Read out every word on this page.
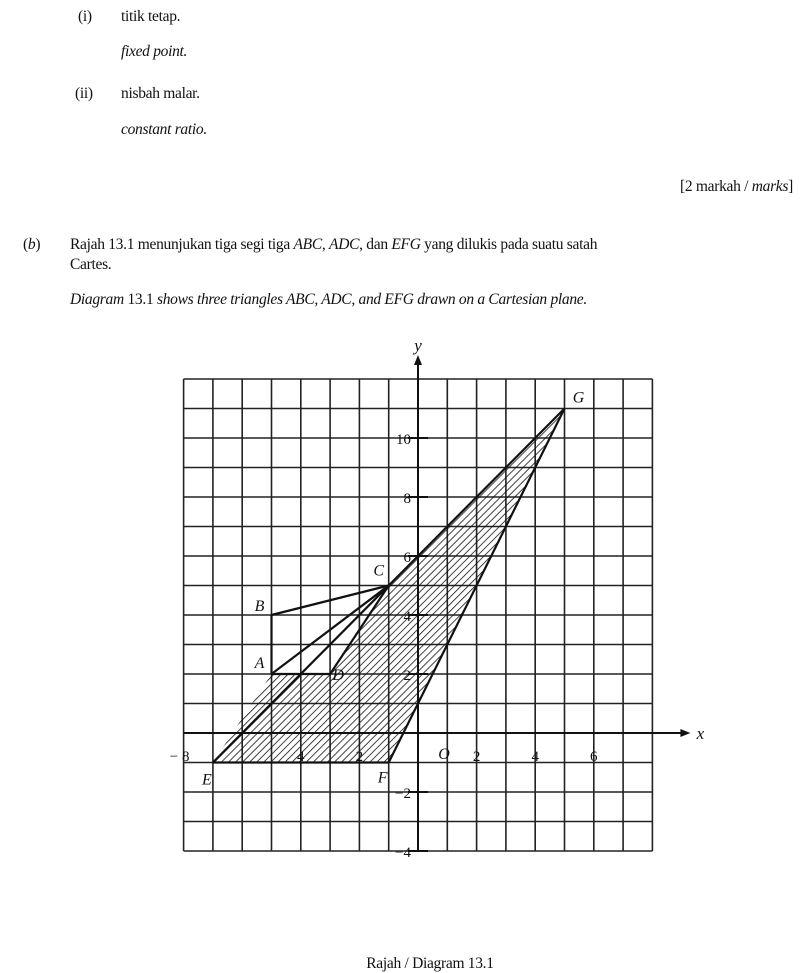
(i) titik tetap.
fixed point.
(ii) nisbah malar.
constant ratio.
[2 markah / marks]
(b) Rajah 13.1 menunjukan tiga segi tiga ABC, ADC, dan EFG yang dilukis pada suatu satah
Cartes.
Diagram 13.1 shows three triangles ABC, ADC, and EFG drawn on a Cartesian plane.
x
y
O
− 8	4	2	2	4	6
10
8
6
4
2
−2
−4
A
B
C
D
E	F
G
Rajah / Diagram 13.1
